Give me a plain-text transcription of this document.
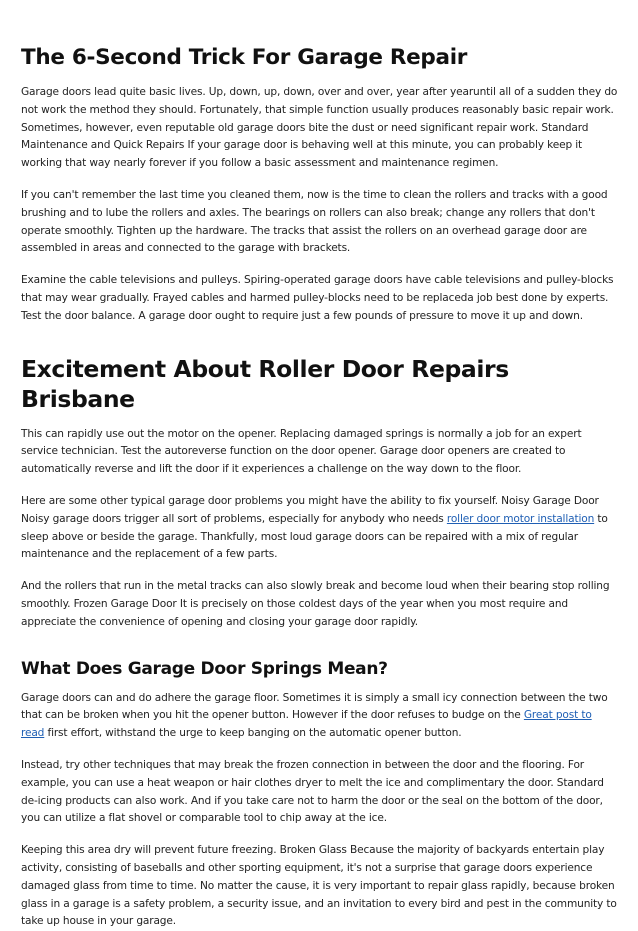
The 6-Second Trick For Garage Repair

Garage doors lead quite basic lives. Up, down, up, down, over and over, year after yearuntil all of a sudden they do not work the method they should. Fortunately, that simple function usually produces reasonably basic repair work. Sometimes, however, even reputable old garage doors bite the dust or need significant repair work. Standard Maintenance and Quick Repairs If your garage door is behaving well at this minute, you can probably keep it working that way nearly forever if you follow a basic assessment and maintenance regimen.

If you can't remember the last time you cleaned them, now is the time to clean the rollers and tracks with a good brushing and to lube the rollers and axles. The bearings on rollers can also break; change any rollers that don't operate smoothly. Tighten up the hardware. The tracks that assist the rollers on an overhead garage door are assembled in areas and connected to the garage with brackets.

Examine the cable televisions and pulleys. Spiring-operated garage doors have cable televisions and pulley-blocks that may wear gradually. Frayed cables and harmed pulley-blocks need to be replaceda job best done by experts. Test the door balance. A garage door ought to require just a few pounds of pressure to move it up and down.

Excitement About Roller Door Repairs Brisbane

This can rapidly use out the motor on the opener. Replacing damaged springs is normally a job for an expert service technician. Test the autoreverse function on the door opener. Garage door openers are created to automatically reverse and lift the door if it experiences a challenge on the way down to the floor.

Here are some other typical garage door problems you might have the ability to fix yourself. Noisy Garage Door Noisy garage doors trigger all sort of problems, especially for anybody who needs roller door motor installation to sleep above or beside the garage. Thankfully, most loud garage doors can be repaired with a mix of regular maintenance and the replacement of a few parts.

And the rollers that run in the metal tracks can also slowly break and become loud when their bearing stop rolling smoothly. Frozen Garage Door It is precisely on those coldest days of the year when you most require and appreciate the convenience of opening and closing your garage door rapidly.

What Does Garage Door Springs Mean?

Garage doors can and do adhere the garage floor. Sometimes it is simply a small icy connection between the two that can be broken when you hit the opener button. However if the door refuses to budge on the Great post to read first effort, withstand the urge to keep banging on the automatic opener button.

Instead, try other techniques that may break the frozen connection in between the door and the flooring. For example, you can use a heat weapon or hair clothes dryer to melt the ice and complimentary the door. Standard de-icing products can also work. And if you take care not to harm the door or the seal on the bottom of the door, you can utilize a flat shovel or comparable tool to chip away at the ice.

Keeping this area dry will prevent future freezing. Broken Glass Because the majority of backyards entertain play activity, consisting of baseballs and other sporting equipment, it's not a surprise that garage doors experience damaged glass from time to time. No matter the cause, it is very important to repair glass rapidly, because broken glass in a garage is a safety problem, a security issue, and an invitation to every bird and pest in the community to take up house in your garage.
